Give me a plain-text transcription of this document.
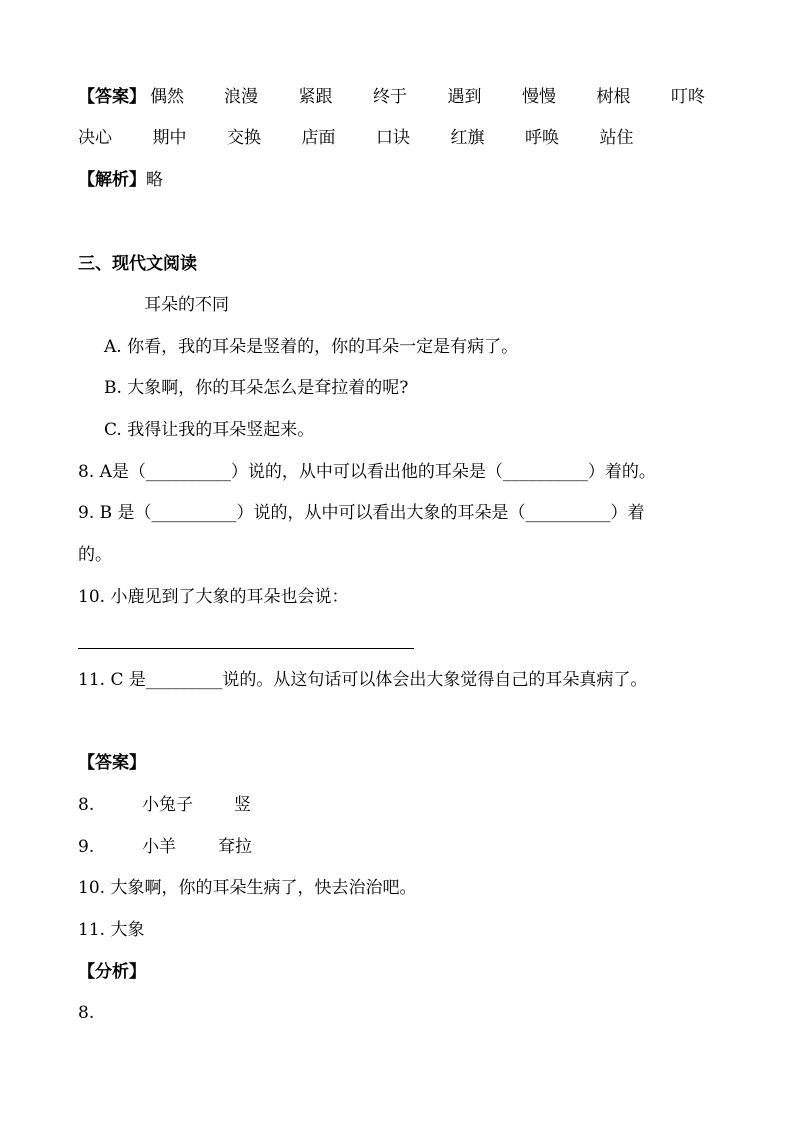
【答案】 偶然 浪漫 紧跟 终于 遇到 慢慢 树根 叮咚
决心 期中 交换 店面 口诀 红旗 呼唤 站住
【解析】略
三、现代文阅读
耳朵的不同
A. 你看，我的耳朵是竖着的，你的耳朵一定是有病了。
B. 大象啊，你的耳朵怎么是耷拉着的呢?
C. 我得让我的耳朵竖起来。
8. A是（__________）说的，从中可以看出他的耳朵是（__________）着的。
9. B 是（__________）说的，从中可以看出大象的耳朵是（__________）着
的。
10. 小鹿见到了大象的耳朵也会说：
11. C 是_________说的。从这句话可以体会出大象觉得自己的耳朵真病了。
【答案】
8.	小兔子 竖
9.	小羊 耷拉
10. 大象啊，你的耳朵生病了，快去治治吧。
11. 大象
【分析】
8.
